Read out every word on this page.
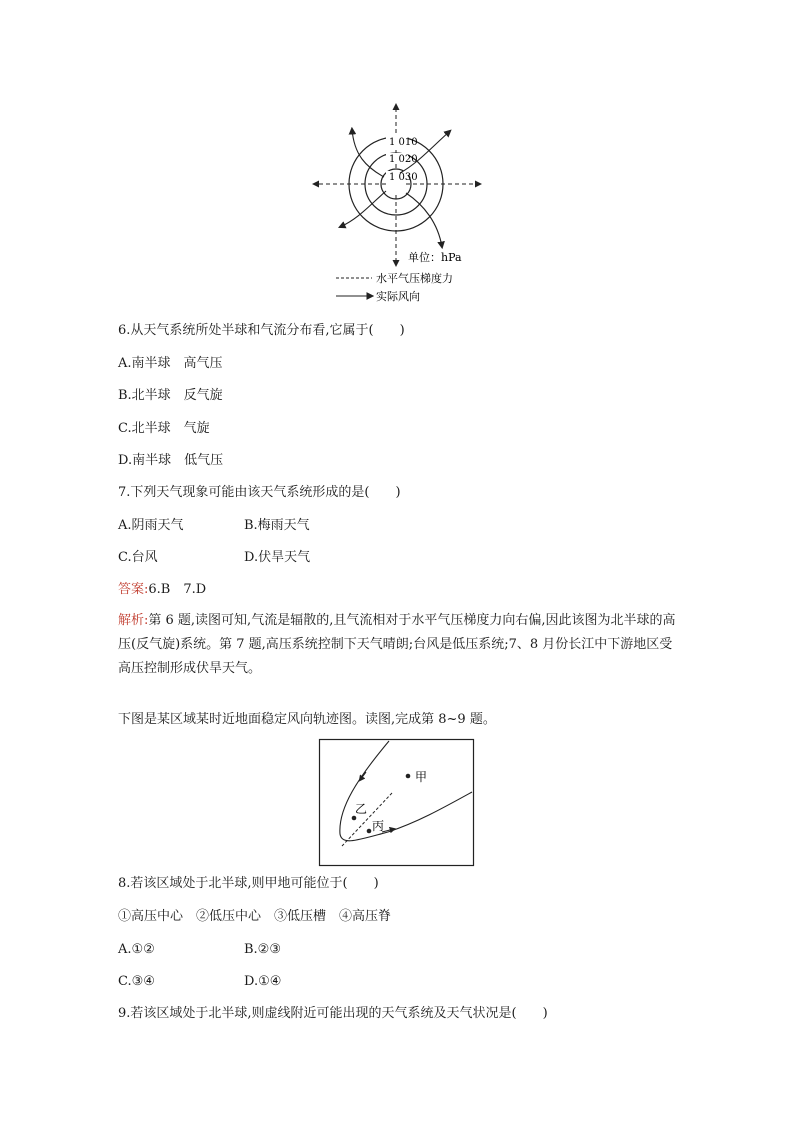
1 010
1 020
1 030
单位：hPa
水平气压梯度力
实际风向
6.从天气系统所处半球和气流分布看,它属于(　　)
A.南半球　高气压
B.北半球　反气旋
C.北半球　气旋
D.南半球　低气压
7.下列天气现象可能由该天气系统形成的是(　　)
A.阴雨天气	B.梅雨天气
C.台风	D.伏旱天气
答案:6.B　7.D
解析:第 6 题,读图可知,气流是辐散的,且气流相对于水平气压梯度力向右偏,因此该图为北半球的高压(反气旋)系统。第 7 题,高压系统控制下天气晴朗;台风是低压系统;7、8 月份长江中下游地区受高压控制形成伏旱天气。
下图是某区域某时近地面稳定风向轨迹图。读图,完成第 8~9 题。
甲
乙
丙
8.若该区域处于北半球,则甲地可能位于(　　)
①高压中心　②低压中心　③低压槽　④高压脊
A.①②	B.②③
C.③④	D.①④
9.若该区域处于北半球,则虚线附近可能出现的天气系统及天气状况是(　　)
